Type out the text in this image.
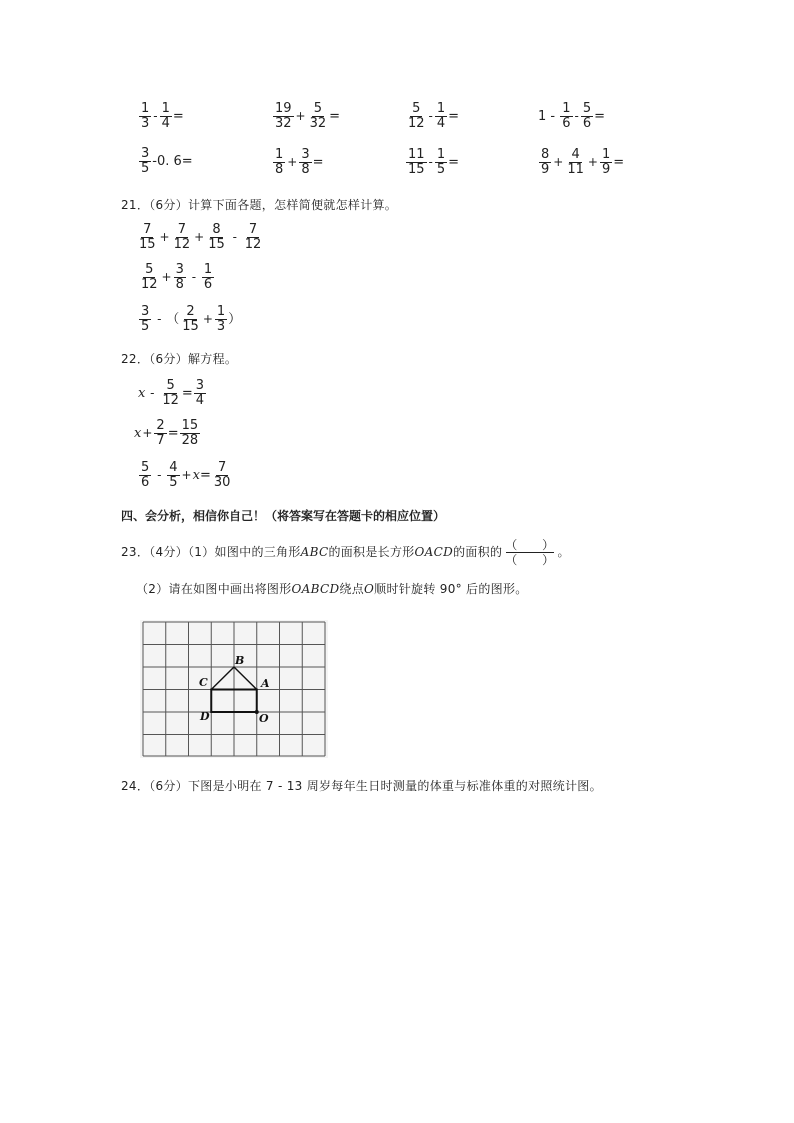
$\frac{1}{3} - \frac{1}{4}$ =	$\frac{19}{32} + \frac{5}{32}$ =	$\frac{5}{12} - \frac{1}{4}$ =	$1 - \frac{1}{6} - \frac{5}{6}$ =
$\frac{3}{5} -0$. 6=	$\frac{1}{8} + \frac{3}{8}$ =	$\frac{11}{15} - \frac{1}{5}$ =	$\frac{8}{9} + \frac{4}{11} + \frac{1}{9}$ =
21．（6分）计算下面各题，怎样简便就怎样计算。
$\frac{7}{15} + \frac{7}{12} + \frac{8}{15} - \frac{7}{12}$
$\frac{5}{12} + \frac{3}{8} - \frac{1}{6}$
$\frac{3}{5}$ - （ $\frac{2}{15} + \frac{1}{3}$ ）
22．（6分）解方程。
$x - \frac{5}{12} = \frac{3}{4}$
$x+ \frac{2}{7} = \frac{15}{28}$
$\frac{5}{6} - \frac{4}{5} +x= \frac{7}{30}$
四、会分析，相信你自己！（将答案写在答题卡的相应位置）
23．（4分）（1）如图中的三角形ABC的面积是长方形OACD的面积的 $\frac{( )}{( )}$ 。
（2）请在如图中画出将图形OABCD绕点O顺时针旋转 90° 后的图形。
B
C	A
D	O
24．（6分）下图是小明在 7 - 13 周岁每年生日时测量的体重与标准体重的对照统计图。
